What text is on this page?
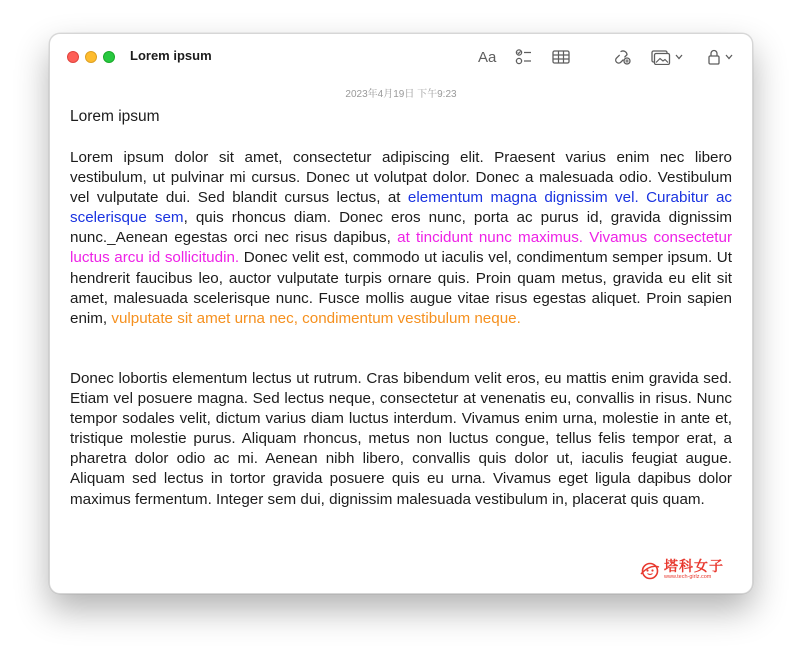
Lorem ipsum	Aa
2023年4月19日 下午9:23
Lorem ipsum

Lorem ipsum dolor sit amet, consectetur adipiscing elit. Praesent varius enim nec libero vestibulum, ut pulvinar mi cursus. Donec ut volutpat dolor. Donec a malesuada odio. Vestibulum vel vulputate dui. Sed blandit cursus lectus, at elementum magna dignissim vel. Curabitur ac scelerisque sem, quis rhoncus diam. Donec eros nunc, porta ac purus id, gravida dignissim nunc._Aenean egestas orci nec risus dapibus, at tincidunt nunc maximus. Vivamus consectetur luctus arcu id sollicitudin. Donec velit est, commodo ut iaculis vel, condimentum semper ipsum. Ut hendrerit faucibus leo, auctor vulputate turpis ornare quis. Proin quam metus, gravida eu elit sit amet, malesuada scelerisque nunc. Fusce mollis augue vitae risus egestas aliquet. Proin sapien enim, vulputate sit amet urna nec, condimentum vestibulum neque.

Donec lobortis elementum lectus ut rutrum. Cras bibendum velit eros, eu mattis enim gravida sed. Etiam vel posuere magna. Sed lectus neque, consectetur at venenatis eu, convallis in risus. Nunc tempor sodales velit, dictum varius diam luctus interdum. Vivamus enim urna, molestie in ante et, tristique molestie purus. Aliquam rhoncus, metus non luctus congue, tellus felis tempor erat, a pharetra dolor odio ac mi. Aenean nibh libero, convallis quis dolor ut, iaculis feugiat augue. Aliquam sed lectus in tortor gravida posuere quis eu urna. Vivamus eget ligula dapibus dolor maximus fermentum. Integer sem dui, dignissim malesuada vestibulum in, placerat quis quam.

塔科女子
www.tech-girlz.com
